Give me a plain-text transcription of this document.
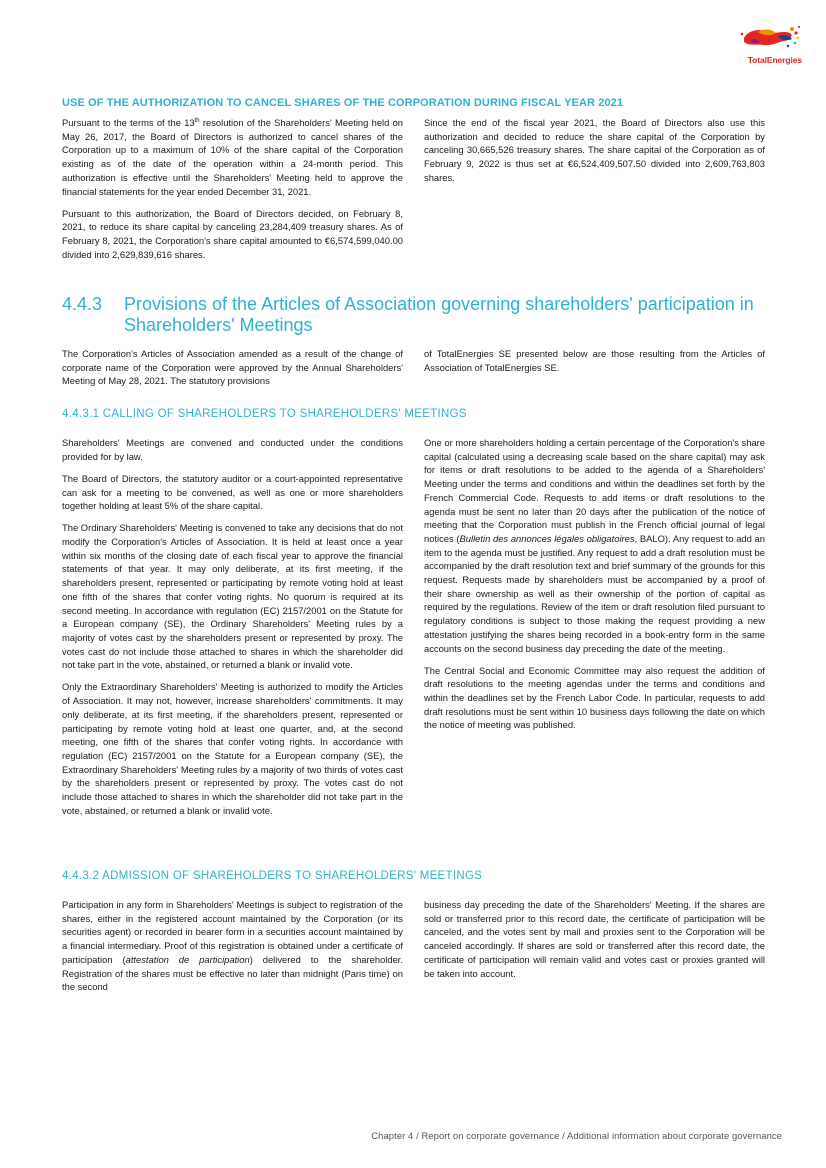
TotalEnergies
USE OF THE AUTHORIZATION TO CANCEL SHARES OF THE CORPORATION DURING FISCAL YEAR 2021

Pursuant to the terms of the 13th resolution of the Shareholders' Meeting held on May 26, 2017, the Board of Directors is authorized to cancel shares of the Corporation up to a maximum of 10% of the share capital of the Corporation existing as of the date of the operation within a 24-month period. This authorization is effective until the Shareholders' Meeting held to approve the financial statements for the year ended December 31, 2021.

Pursuant to this authorization, the Board of Directors decided, on February 8, 2021, to reduce its share capital by canceling 23,284,409 treasury shares. As of February 8, 2021, the Corporation's share capital amounted to €6,574,599,040.00 divided into 2,629,839,616 shares.

Since the end of the fiscal year 2021, the Board of Directors also use this authorization and decided to reduce the share capital of the Corporation by canceling 30,665,526 treasury shares. The share capital of the Corporation as of February 9, 2022 is thus set at €6,524,409,507.50 divided into 2,609,763,803 shares.

4.4.3	Provisions of the Articles of Association governing shareholders' participation in Shareholders' Meetings

The Corporation's Articles of Association amended as a result of the change of corporate name of the Corporation were approved by the Annual Shareholders' Meeting of May 28, 2021. The statutory provisions

of TotalEnergies SE presented below are those resulting from the Articles of Association of TotalEnergies SE.

4.4.3.1 CALLING OF SHAREHOLDERS TO SHAREHOLDERS' MEETINGS

Shareholders' Meetings are convened and conducted under the conditions provided for by law.

The Board of Directors, the statutory auditor or a court-appointed representative can ask for a meeting to be convened, as well as one or more shareholders together holding at least 5% of the share capital.

The Ordinary Shareholders' Meeting is convened to take any decisions that do not modify the Corporation's Articles of Association. It is held at least once a year within six months of the closing date of each fiscal year to approve the financial statements of that year. It may only deliberate, at its first meeting, if the shareholders present, represented or participating by remote voting hold at least one fifth of the shares that confer voting rights. No quorum is required at its second meeting. In accordance with regulation (EC) 2157/2001 on the Statute for a European company (SE), the Ordinary Shareholders' Meeting rules by a majority of votes cast by the shareholders present or represented by proxy. The votes cast do not include those attached to shares in which the shareholder did not take part in the vote, abstained, or returned a blank or invalid vote.

Only the Extraordinary Shareholders' Meeting is authorized to modify the Articles of Association. It may not, however, increase shareholders' commitments. It may only deliberate, at its first meeting, if the shareholders present, represented or participating by remote voting hold at least one quarter, and, at the second meeting, one fifth of the shares that confer voting rights. In accordance with regulation (EC) 2157/2001 on the Statute for a European company (SE), the Extraordinary Shareholders' Meeting rules by a majority of two thirds of votes cast by the shareholders present or represented by proxy. The votes cast do not include those attached to shares in which the shareholder did not take part in the vote, abstained, or returned a blank or invalid vote.

One or more shareholders holding a certain percentage of the Corporation's share capital (calculated using a decreasing scale based on the share capital) may ask for items or draft resolutions to be added to the agenda of a Shareholders' Meeting under the terms and conditions and within the deadlines set forth by the French Commercial Code. Requests to add items or draft resolutions to the agenda must be sent no later than 20 days after the publication of the notice of meeting that the Corporation must publish in the French official journal of legal notices (Bulletin des annonces légales obligatoires, BALO). Any request to add an item to the agenda must be justified. Any request to add a draft resolution must be accompanied by the draft resolution text and brief summary of the grounds for this request. Requests made by shareholders must be accompanied by a proof of their share ownership as well as their ownership of the portion of capital as required by the regulations. Review of the item or draft resolution filed pursuant to regulatory conditions is subject to those making the request providing a new attestation justifying the shares being recorded in a book-entry form in the same accounts on the second business day preceding the date of the meeting.

The Central Social and Economic Committee may also request the addition of draft resolutions to the meeting agendas under the terms and conditions and within the deadlines set by the French Labor Code. In particular, requests to add draft resolutions must be sent within 10 business days following the date on which the notice of meeting was published.

4.4.3.2 ADMISSION OF SHAREHOLDERS TO SHAREHOLDERS' MEETINGS

Participation in any form in Shareholders' Meetings is subject to registration of the shares, either in the registered account maintained by the Corporation (or its securities agent) or recorded in bearer form in a securities account maintained by a financial intermediary. Proof of this registration is obtained under a certificate of participation (attestation de participation) delivered to the shareholder. Registration of the shares must be effective no later than midnight (Paris time) on the second

business day preceding the date of the Shareholders' Meeting. If the shares are sold or transferred prior to this record date, the certificate of participation will be canceled, and the votes sent by mail and proxies sent to the Corporation will be canceled accordingly. If shares are sold or transferred after this record date, the certificate of participation will remain valid and votes cast or proxies granted will be taken into account.

Chapter 4 / Report on corporate governance / Additional information about corporate governance
